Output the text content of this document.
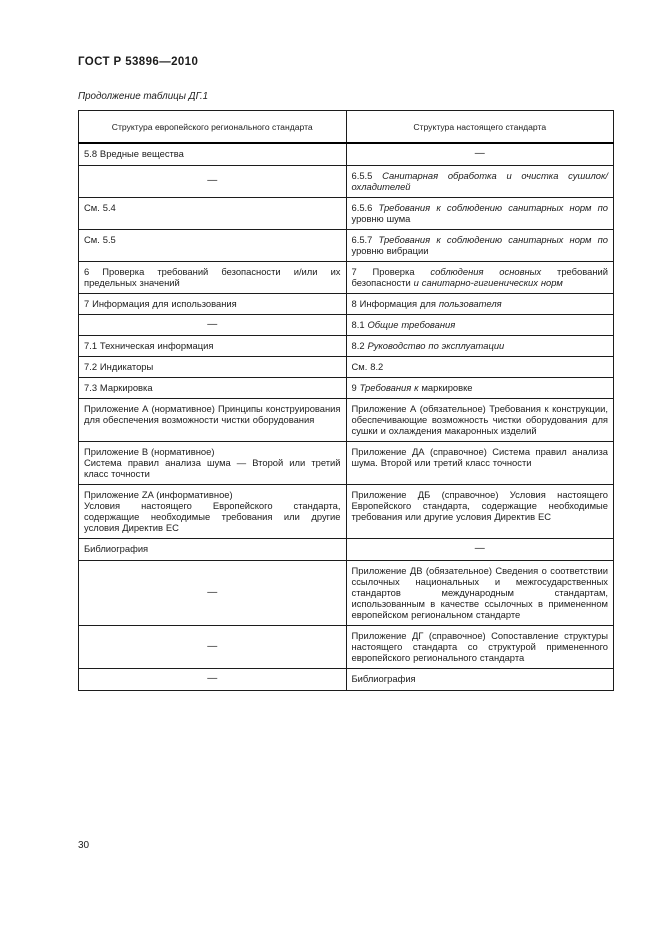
ГОСТ Р 53896—2010
Продолжение таблицы ДГ.1
Структура европейского регионального стандарта	Структура настоящего стандарта
5.8 Вредные вещества	—
—	6.5.5 Санитарная обработка и очистка сушилок/охладителей
См. 5.4	6.5.6 Требования к соблюдению санитарных норм по уровню шума
См. 5.5	6.5.7 Требования к соблюдению санитарных норм по уровню вибрации
6 Проверка требований безопасности и/или их предельных значений	7 Проверка соблюдения основных требований безопасности и санитарно-гигиенических норм
7 Информация для использования	8 Информация для пользователя
—	8.1 Общие требования
7.1 Техническая информация	8.2 Руководство по эксплуатации
7.2 Индикаторы	См. 8.2
7.3 Маркировка	9 Требования к маркировке
Приложение А (нормативное) Принципы конструирования для обеспечения возможности чистки оборудования	Приложение А (обязательное) Требования к конструкции, обеспечивающие возможность чистки оборудования для сушки и охлаждения макаронных изделий
Приложение В (нормативное)
Система правил анализа шума — Второй или третий класс точности	Приложение ДА (справочное) Система правил анализа шума. Второй или третий класс точности
Приложение ZA (информативное)
Условия настоящего Европейского стандарта, содержащие необходимые требования или другие условия Директив ЕС	Приложение ДБ (справочное) Условия настоящего Европейского стандарта, содержащие необходимые требования или другие условия Директив ЕС
Библиография	—
—	Приложение ДВ (обязательное) Сведения о соответствии ссылочных национальных и межгосударственных стандартов международным стандартам, использованным в качестве ссылочных в примененном европейском региональном стандарте
—	Приложение ДГ (справочное) Сопоставление структуры настоящего стандарта со структурой примененного европейского регионального стандарта
—	Библиография
30
